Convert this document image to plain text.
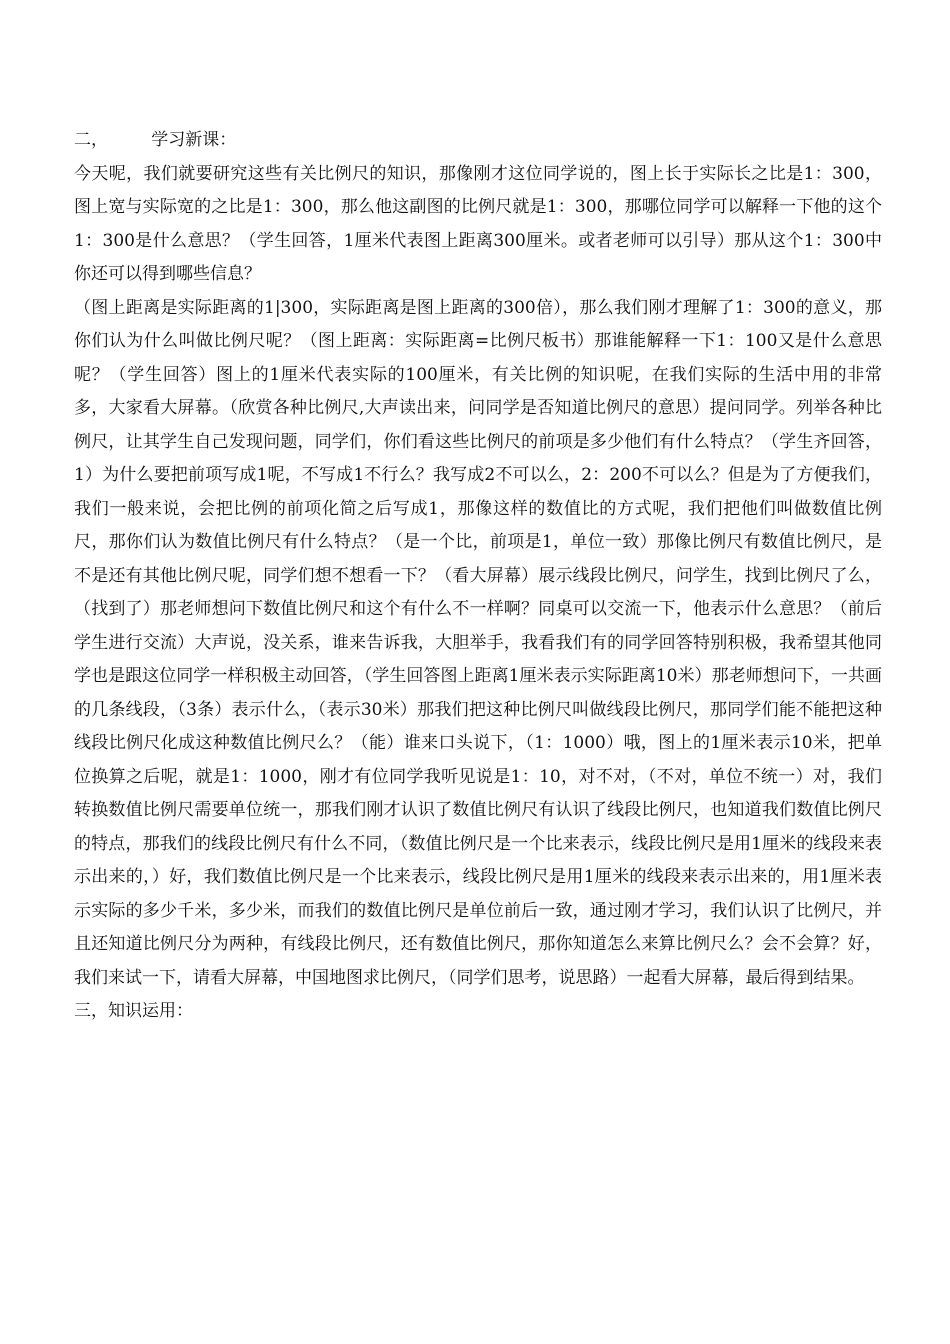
二，        学习新课：

今天呢，我们就要研究这些有关比例尺的知识，那像刚才这位同学说的，图上长于实际长之比是1：300，图上宽与实际宽的之比是1：300，那么他这副图的比例尺就是1：300，那哪位同学可以解释一下他的这个1：300是什么意思？（学生回答，1厘米代表图上距离300厘米。或者老师可以引导）那从这个1：300中你还可以得到哪些信息？

（图上距离是实际距离的1|300，实际距离是图上距离的300倍），那么我们刚才理解了1：300的意义，那你们认为什么叫做比例尺呢？（图上距离：实际距离=比例尺板书）那谁能解释一下1：100又是什么意思呢？（学生回答）图上的1厘米代表实际的100厘米，有关比例的知识呢，在我们实际的生活中用的非常多，大家看大屏幕。（欣赏各种比例尺,大声读出来，问同学是否知道比例尺的意思）提问同学。列举各种比例尺，让其学生自己发现问题，同学们，你们看这些比例尺的前项是多少他们有什么特点？（学生齐回答，1）为什么要把前项写成1呢，不写成1不行么？我写成2不可以么，2：200不可以么？但是为了方便我们，我们一般来说，会把比例的前项化简之后写成1，那像这样的数值比的方式呢，我们把他们叫做数值比例尺，那你们认为数值比例尺有什么特点？（是一个比，前项是1，单位一致）那像比例尺有数值比例尺，是不是还有其他比例尺呢，同学们想不想看一下？（看大屏幕）展示线段比例尺，问学生，找到比例尺了么，（找到了）那老师想问下数值比例尺和这个有什么不一样啊？同桌可以交流一下，他表示什么意思？（前后学生进行交流）大声说，没关系，谁来告诉我，大胆举手，我看我们有的同学回答特别积极，我希望其他同学也是跟这位同学一样积极主动回答，（学生回答图上距离1厘米表示实际距离10米）那老师想问下，一共画的几条线段，（3条）表示什么，（表示30米）那我们把这种比例尺叫做线段比例尺，那同学们能不能把这种线段比例尺化成这种数值比例尺么？（能）谁来口头说下，（1：1000）哦，图上的1厘米表示10米，把单位换算之后呢，就是1：1000，刚才有位同学我听见说是1：10，对不对，（不对，单位不统一）对，我们转换数值比例尺需要单位统一，那我们刚才认识了数值比例尺有认识了线段比例尺，也知道我们数值比例尺的特点，那我们的线段比例尺有什么不同，（数值比例尺是一个比来表示，线段比例尺是用1厘米的线段来表示出来的，）好，我们数值比例尺是一个比来表示，线段比例尺是用1厘米的线段来表示出来的，用1厘米表示实际的多少千米，多少米，而我们的数值比例尺是单位前后一致，通过刚才学习，我们认识了比例尺，并且还知道比例尺分为两种，有线段比例尺，还有数值比例尺，那你知道怎么来算比例尺么？会不会算？好，我们来试一下，请看大屏幕，中国地图求比例尺，（同学们思考，说思路）一起看大屏幕，最后得到结果。

三，知识运用：
